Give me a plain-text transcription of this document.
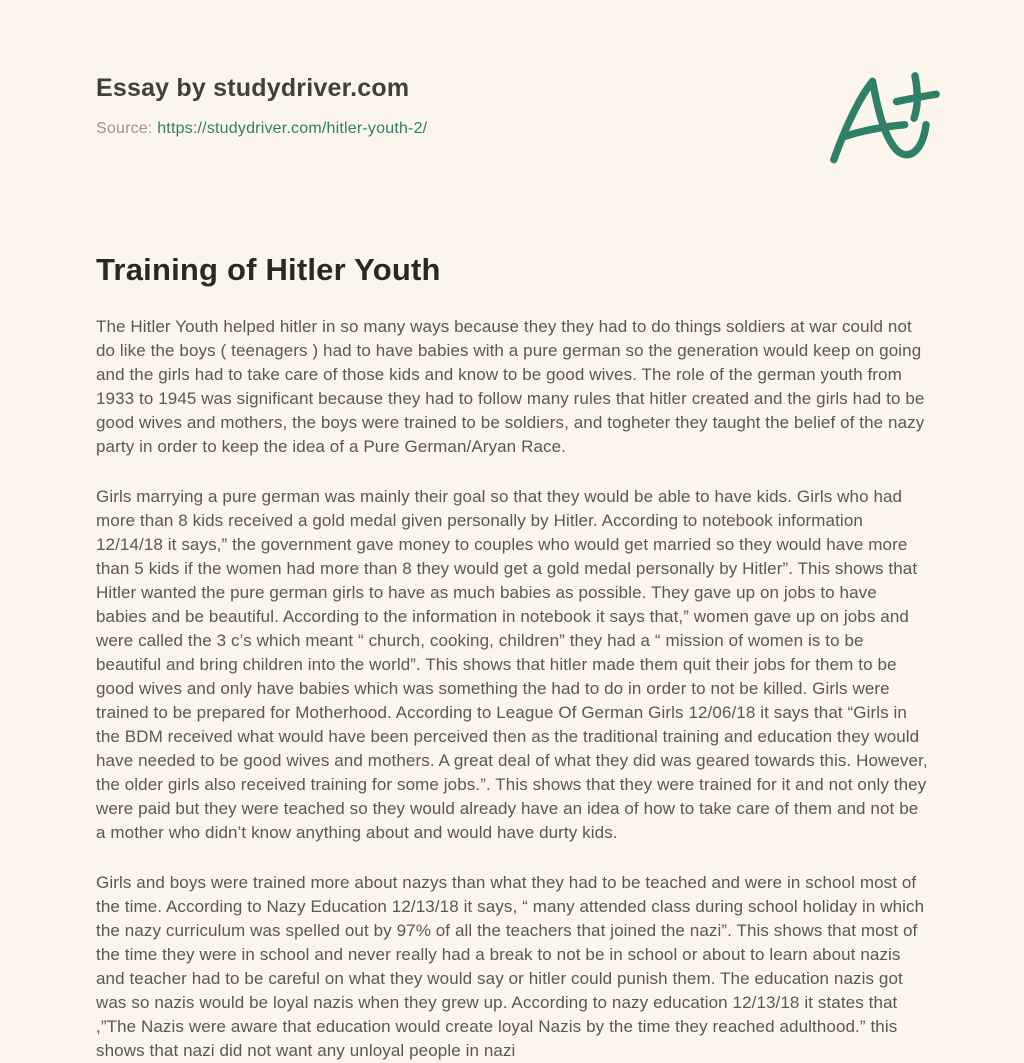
Essay by studydriver.com
Source: https://studydriver.com/hitler-youth-2/
Training of Hitler Youth

The Hitler Youth helped hitler in so many ways because they they had to do things soldiers at war could not do like the boys ( teenagers ) had to have babies with a pure german so the generation would keep on going and the girls had to take care of those kids and know to be good wives. The role of the german youth from 1933 to 1945 was significant because they had to follow many rules that hitler created and the girls had to be good wives and mothers, the boys were trained to be soldiers, and togheter they taught the belief of the nazy party in order to keep the idea of a Pure German/Aryan Race.

Girls marrying a pure german was mainly their goal so that they would be able to have kids. Girls who had more than 8 kids received a gold medal given personally by Hitler. According to notebook information 12/14/18 it says,” the government gave money to couples who would get married so they would have more than 5 kids if the women had more than 8 they would get a gold medal personally by Hitler”. This shows that Hitler wanted the pure german girls to have as much babies as possible. They gave up on jobs to have babies and be beautiful. According to the information in notebook it says that,” women gave up on jobs and were called the 3 c’s which meant “ church, cooking, children” they had a “ mission of women is to be beautiful and bring children into the world”. This shows that hitler made them quit their jobs for them to be good wives and only have babies which was something the had to do in order to not be killed. Girls were trained to be prepared for Motherhood. According to League Of German Girls 12/06/18 it says that “Girls in the BDM received what would have been perceived then as the traditional training and education they would have needed to be good wives and mothers. A great deal of what they did was geared towards this. However, the older girls also received training for some jobs.”. This shows that they were trained for it and not only they were paid but they were teached so they would already have an idea of how to take care of them and not be a mother who didn’t know anything about and would have durty kids.

Girls and boys were trained more about nazys than what they had to be teached and were in school most of the time. According to Nazy Education 12/13/18 it says, “ many attended class during school holiday in which the nazy curriculum was spelled out by 97% of all the teachers that joined the nazi”. This shows that most of the time they were in school and never really had a break to not be in school or about to learn about nazis and teacher had to be careful on what they would say or hitler could punish them. The education nazis got was so nazis would be loyal nazis when they grew up. According to nazy education 12/13/18 it states that ,”The Nazis were aware that education would create loyal Nazis by the time they reached adulthood.” this shows that nazi did not want any unloyal people in nazi
